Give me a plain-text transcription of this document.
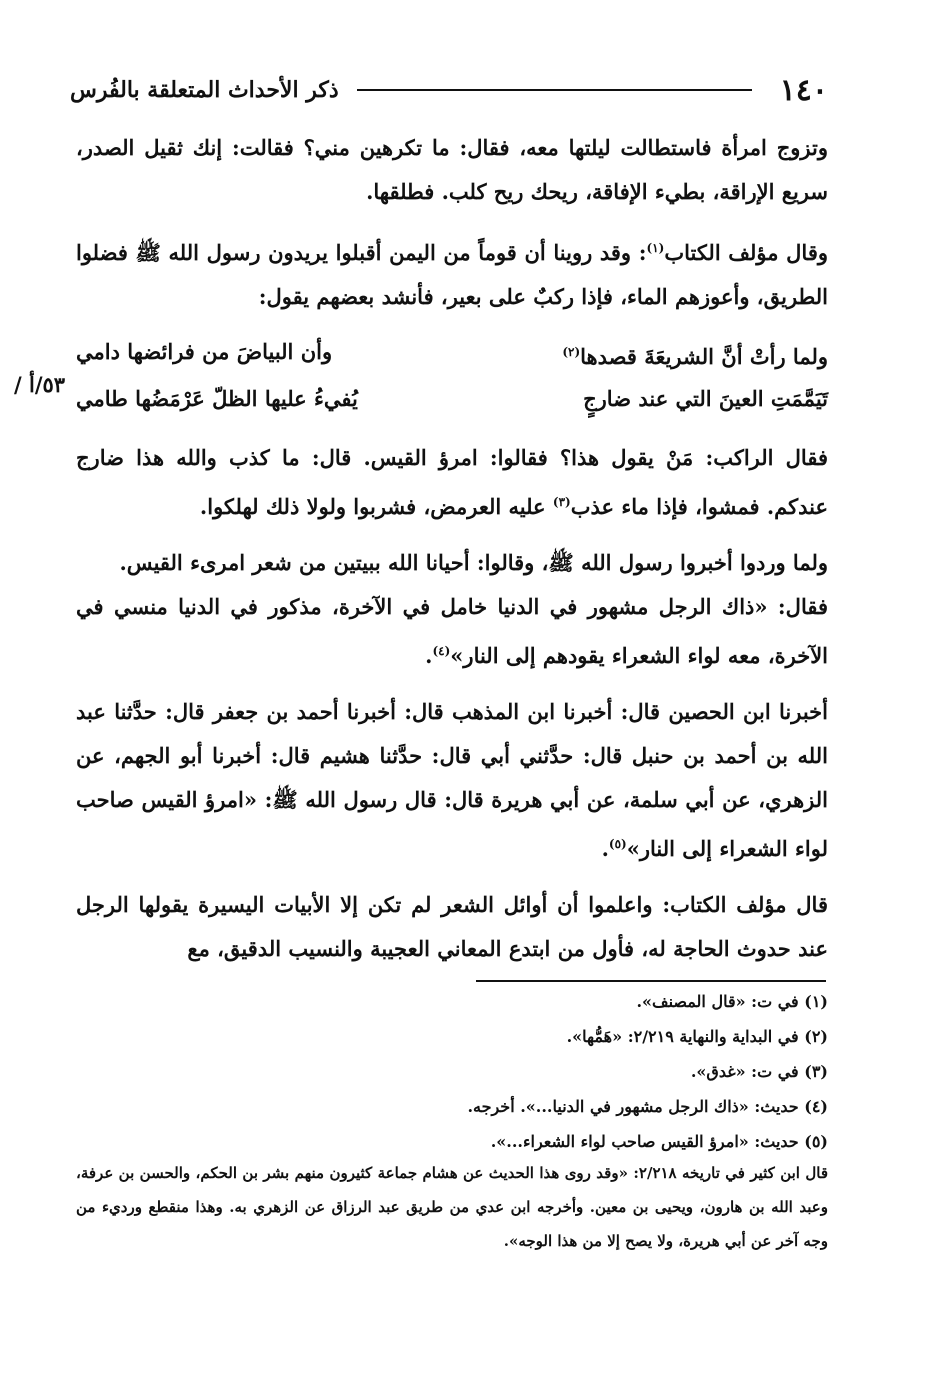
١٤٠
ذكر الأحداث المتعلقة بالفُرس
٥٣/أ /

وتزوج امرأة فاستطالت ليلتها معه، فقال: ما تكرهين مني؟ فقالت: إنك ثقيل الصدر، سريع الإراقة، بطيء الإفاقة، ريحك ريح كلب. فطلقها.

وقال مؤلف الكتاب$^{(١)}$: وقد روينا أن قوماً من اليمن أقبلوا يريدون رسول الله ﷺ فضلوا الطريق، وأعوزهم الماء، فإذا ركبٌ على بعير، فأنشد بعضهم يقول:

ولما رأتْ أنَّ الشريعَةَ قصدها$^{(٢)}$
وأن البياضَ من فرائضها دامي
تَيَمَّمَتِ العينَ التي عند ضارجٍ
يُفيءُ عليها الظلّ عَرْمَضُها طامي

فقال الراكب: مَنْ يقول هذا؟ فقالوا: امرؤ القيس. قال: ما كذب والله هذا ضارج عندكم. فمشوا، فإذا ماء عذب$^{(٣)}$ عليه العرمض، فشربوا ولولا ذلك لهلكوا.

ولما وردوا أخبروا رسول الله ﷺ، وقالوا: أحيانا الله ببيتين من شعر امرىء القيس.

فقال: «ذاك الرجل مشهور في الدنيا خامل في الآخرة، مذكور في الدنيا منسي في الآخرة، معه لواء الشعراء يقودهم إلى النار»$^{(٤)}$.

أخبرنا ابن الحصين قال: أخبرنا ابن المذهب قال: أخبرنا أحمد بن جعفر قال: حدَّثنا عبد الله بن أحمد بن حنبل قال: حدَّثني أبي قال: حدَّثنا هشيم قال: أخبرنا أبو الجهم، عن الزهري، عن أبي سلمة، عن أبي هريرة قال: قال رسول الله ﷺ: «امرؤ القيس صاحب لواء الشعراء إلى النار»$^{(٥)}$.

قال مؤلف الكتاب: واعلموا أن أوائل الشعر لم تكن إلا الأبيات اليسيرة يقولها الرجل عند حدوث الحاجة له، فأول من ابتدع المعاني العجيبة والنسيب الدقيق، مع

(١) في ت: «قال المصنف».

(٢) في البداية والنهاية ٢/٢١٩: «هَمُّها».

(٣) في ت: «غدق».

(٤) حديث: «ذاك الرجل مشهور في الدنيا...». أخرجه.

(٥) حديث: «امرؤ القيس صاحب لواء الشعراء...».

قال ابن كثير في تاريخه ٢/٢١٨: «وقد روى هذا الحديث عن هشام جماعة كثيرون منهم بشر بن الحكم، والحسن بن عرفة، وعبد الله بن هارون، ويحيى بن معين. وأخرجه ابن عدي من طريق عبد الرزاق عن الزهري به. وهذا منقطع ورديء من وجه آخر عن أبي هريرة، ولا يصح إلا من هذا الوجه».
